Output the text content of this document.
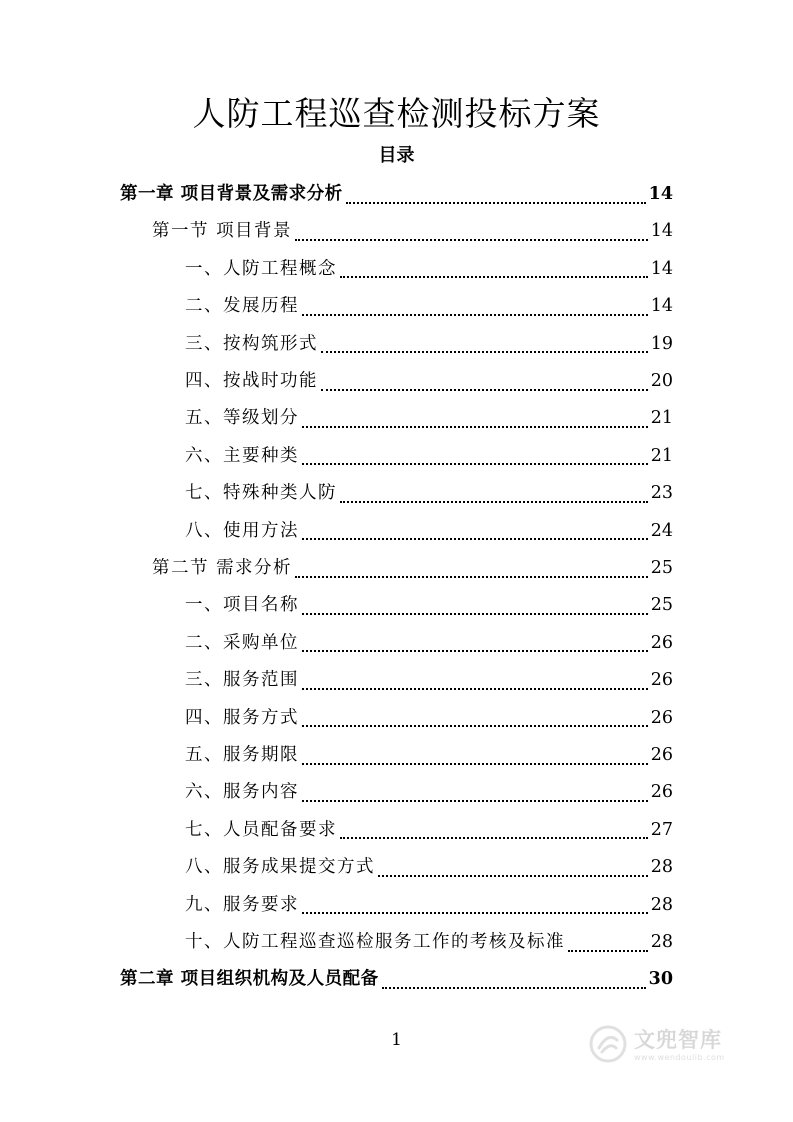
人防工程巡查检测投标方案
目录
第一章 项目背景及需求分析	14
第一节 项目背景	14
一、人防工程概念	14
二、发展历程	14
三、按构筑形式	19
四、按战时功能	20
五、等级划分	21
六、主要种类	21
七、特殊种类人防	23
八、使用方法	24
第二节 需求分析	25
一、项目名称	25
二、采购单位	26
三、服务范围	26
四、服务方式	26
五、服务期限	26
六、服务内容	26
七、人员配备要求	27
八、服务成果提交方式	28
九、服务要求	28
十、人防工程巡查巡检服务工作的考核及标准	28
第二章 项目组织机构及人员配备	30
1	文兜智库
www.wendoulib.com
